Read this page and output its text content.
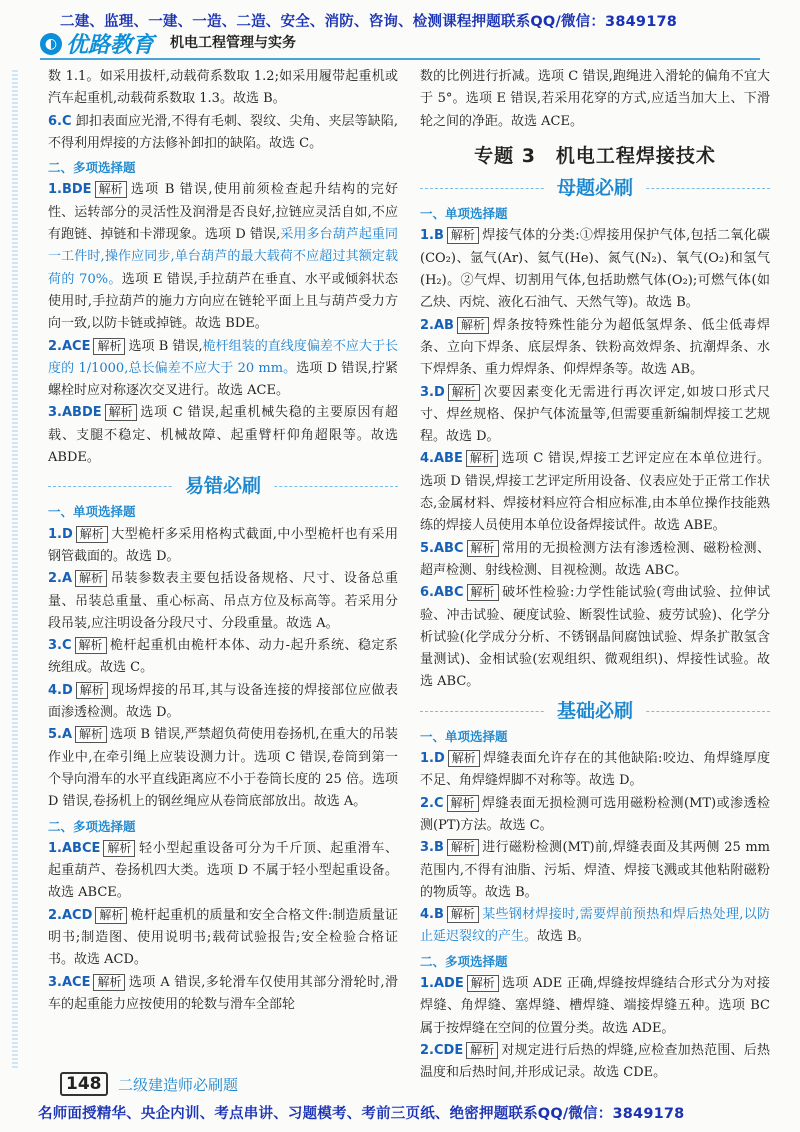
二建、监理、一建、一造、二造、安全、消防、咨询、检测课程押题联系QQ/微信：3849178
◐ 优路教育 机电工程管理与实务

数 1.1。如采用拔杆,动载荷系数取 1.2;如采用履带起重机或汽车起重机,动载荷系数取 1.3。故选 B。

6.C 卸扣表面应光滑,不得有毛刺、裂纹、尖角、夹层等缺陷,不得利用焊接的方法修补卸扣的缺陷。故选 C。

二、多项选择题

1.BDE 解析 选项 B 错误,使用前须检查起升结构的完好性、运转部分的灵活性及润滑是否良好,拉链应灵活自如,不应有跑链、掉链和卡滞现象。选项 D 错误,采用多台葫芦起重同一工件时,操作应同步,单台葫芦的最大载荷不应超过其额定载荷的 70%。选项 E 错误,手拉葫芦在垂直、水平或倾斜状态使用时,手拉葫芦的施力方向应在链轮平面上且与葫芦受力方向一致,以防卡链或掉链。故选 BDE。

2.ACE 解析 选项 B 错误,桅杆组装的直线度偏差不应大于长度的 1/1000,总长偏差不应大于 20 mm。选项 D 错误,拧紧螺栓时应对称逐次交叉进行。故选 ACE。

3.ABDE 解析 选项 C 错误,起重机械失稳的主要原因有超载、支腿不稳定、机械故障、起重臂杆仰角超限等。故选 ABDE。

易错必刷
一、单项选择题

1.D 解析 大型桅杆多采用格构式截面,中小型桅杆也有采用钢管截面的。故选 D。

2.A 解析 吊装参数表主要包括设备规格、尺寸、设备总重量、吊装总重量、重心标高、吊点方位及标高等。若采用分段吊装,应注明设备分段尺寸、分段重量。故选 A。

3.C 解析 桅杆起重机由桅杆本体、动力-起升系统、稳定系统组成。故选 C。

4.D 解析 现场焊接的吊耳,其与设备连接的焊接部位应做表面渗透检测。故选 D。

5.A 解析 选项 B 错误,严禁超负荷使用卷扬机,在重大的吊装作业中,在牵引绳上应装设测力计。选项 C 错误,卷筒到第一个导向滑车的水平直线距离应不小于卷筒长度的 25 倍。选项 D 错误,卷扬机上的钢丝绳应从卷筒底部放出。故选 A。

二、多项选择题

1.ABCE 解析 轻小型起重设备可分为千斤顶、起重滑车、起重葫芦、卷扬机四大类。选项 D 不属于轻小型起重设备。故选 ABCE。

2.ACD 解析 桅杆起重机的质量和安全合格文件:制造质量证明书;制造图、使用说明书;载荷试验报告;安全检验合格证书。故选 ACD。

3.ACE 解析 选项 A 错误,多轮滑车仅使用其部分滑轮时,滑车的起重能力应按使用的轮数与滑车全部轮

数的比例进行折减。选项 C 错误,跑绳进入滑轮的偏角不宜大于 5°。选项 E 错误,若采用花穿的方式,应适当加大上、下滑轮之间的净距。故选 ACE。

专题 3　机电工程焊接技术
母题必刷
一、单项选择题

1.B 解析 焊接气体的分类:①焊接用保护气体,包括二氧化碳(CO₂)、氩气(Ar)、氦气(He)、氮气(N₂)、氧气(O₂)和氢气(H₂)。②气焊、切割用气体,包括助燃气体(O₂);可燃气体(如乙炔、丙烷、液化石油气、天然气等)。故选 B。

2.AB 解析 焊条按特殊性能分为超低氢焊条、低尘低毒焊条、立向下焊条、底层焊条、铁粉高效焊条、抗潮焊条、水下焊焊条、重力焊焊条、仰焊焊条等。故选 AB。

3.D 解析 次要因素变化无需进行再次评定,如坡口形式尺寸、焊丝规格、保护气体流量等,但需要重新编制焊接工艺规程。故选 D。

4.ABE 解析 选项 C 错误,焊接工艺评定应在本单位进行。选项 D 错误,焊接工艺评定所用设备、仪表应处于正常工作状态,金属材料、焊接材料应符合相应标准,由本单位操作技能熟练的焊接人员使用本单位设备焊接试件。故选 ABE。

5.ABC 解析 常用的无损检测方法有渗透检测、磁粉检测、超声检测、射线检测、目视检测。故选 ABC。

6.ABC 解析 破坏性检验:力学性能试验(弯曲试验、拉伸试验、冲击试验、硬度试验、断裂性试验、疲劳试验)、化学分析试验(化学成分分析、不锈钢晶间腐蚀试验、焊条扩散氢含量测试)、金相试验(宏观组织、微观组织)、焊接性试验。故选 ABC。

基础必刷
一、单项选择题

1.D 解析 焊缝表面允许存在的其他缺陷:咬边、角焊缝厚度不足、角焊缝焊脚不对称等。故选 D。

2.C 解析 焊缝表面无损检测可选用磁粉检测(MT)或渗透检测(PT)方法。故选 C。

3.B 解析 进行磁粉检测(MT)前,焊缝表面及其两侧 25 mm 范围内,不得有油脂、污垢、焊渣、焊接飞溅或其他粘附磁粉的物质等。故选 B。

4.B 解析 某些钢材焊接时,需要焊前预热和焊后热处理,以防止延迟裂纹的产生。故选 B。

二、多项选择题

1.ADE 解析 选项 ADE 正确,焊缝按焊缝结合形式分为对接焊缝、角焊缝、塞焊缝、槽焊缝、端接焊缝五种。选项 BC 属于按焊缝在空间的位置分类。故选 ADE。

2.CDE 解析 对规定进行后热的焊缝,应检查加热范围、后热温度和后热时间,并形成记录。故选 CDE。

148	二级建造师必刷题
名师面授精华、央企内训、考点串讲、习题模考、考前三页纸、绝密押题联系QQ/微信：3849178
